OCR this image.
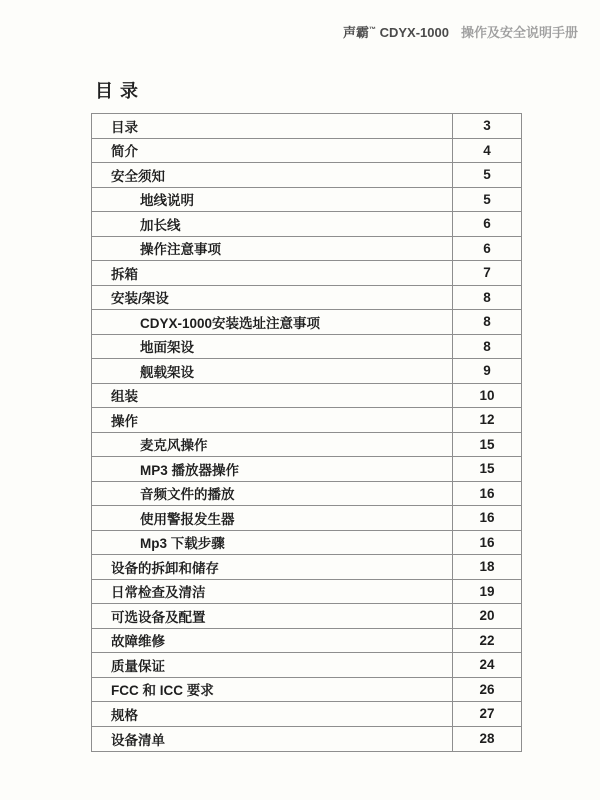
声霸™ CDYX-1000 操作及安全说明手册

目 录
目录	3
简介	4
安全须知	5
地线说明	5
加长线	6
操作注意事项	6
拆箱	7
安装/架设	8
CDYX-1000安装选址注意事项	8
地面架设	8
舰载架设	9
组装	10
操作	12
麦克风操作	15
MP3 播放器操作	15
音频文件的播放	16
使用警报发生器	16
Mp3 下载步骤	16
设备的拆卸和储存	18
日常检查及清洁	19
可选设备及配置	20
故障维修	22
质量保证	24
FCC 和 ICC 要求	26
规格	27
设备清单	28
